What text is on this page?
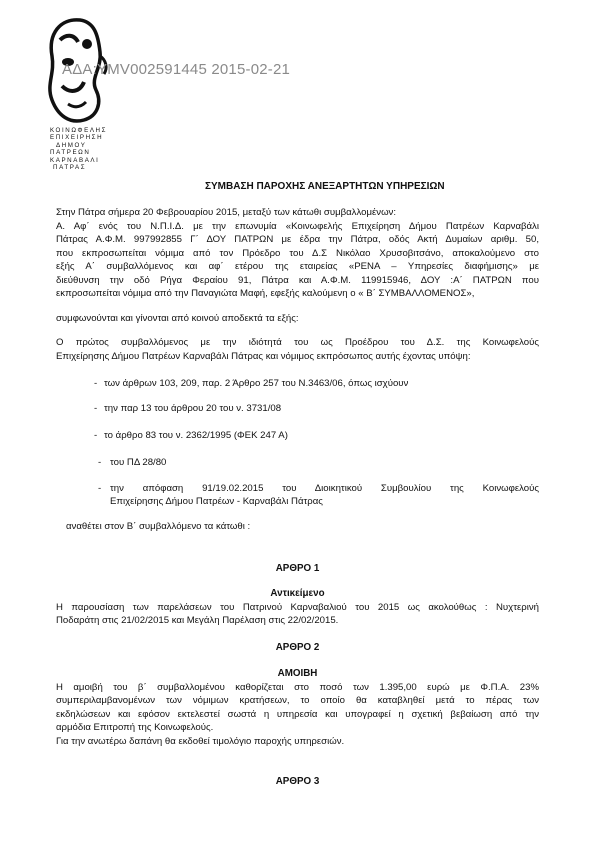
ΑΔΑ:ΥΜV002591445 2015-02-21
ΚΟΙΝΩΦΕΛΗΣ
ΕΠΙΧΕΙΡΗΣΗ
ΔΗΜΟΥ
ΠΑΤΡΕΩΝ
ΚΑΡΝΑΒΑΛΙ
ΠΑΤΡΑΣ
ΣΥΜΒΑΣΗ ΠΑΡΟΧΗΣ ΑΝΕΞΑΡΤΗΤΩΝ ΥΠΗΡΕΣΙΩΝ
Στην Πάτρα σήμερα 20 Φεβρουαρίου 2015, μεταξύ των κάτωθι συμβαλλομένων:
Α. Αφ΄ ενός του Ν.Π.Ι.Δ. με την επωνυμία «Κοινωφελής Επιχείρηση Δήμου Πατρέων Καρναβάλι
Πάτρας Α.Φ.Μ. 997992855 Γ΄ ΔΟΥ ΠΑΤΡΩΝ με έδρα την Πάτρα, οδός Ακτή Δυμαίων αριθμ. 50,
που εκπροσωπείται νόμιμα από τον Πρόεδρο του Δ.Σ Νικόλαο Χρυσοβιτσάνο, αποκαλούμενο στο
εξής Α΄ συμβαλλόμενος και αφ΄ ετέρου της εταιρείας «PENA – Υπηρεσίες διαφήμισης» με
διεύθυνση την οδό Ρήγα Φεραίου 91, Πάτρα και Α.Φ.Μ. 119915946, ΔΟΥ :Α΄ ΠΑΤΡΩΝ που
εκπροσωπείται νόμιμα από την Παναγιώτα Μαφή, εφεξής καλούμενη ο « Β΄ ΣΥΜΒΑΛΛΟΜΕΝΟΣ»,
συμφωνούνται και γίνονται από κοινού αποδεκτά τα εξής:
Ο πρώτος συμβαλλόμενος με την ιδιότητά του ως Προέδρου του Δ.Σ. της Κοινωφελούς
Επιχείρησης Δήμου Πατρέων Καρναβάλι Πάτρας και νόμιμος εκπρόσωπος αυτής έχοντας υπόψη:
- των άρθρων 103, 209, παρ. 2 Άρθρο 257 του Ν.3463/06, όπως ισχύουν
- την παρ 13 του άρθρου 20 του ν. 3731/08
- το άρθρο 83 του ν. 2362/1995 (ΦΕΚ 247 Α)
- του ΠΔ 28/80
- την απόφαση 91/19.02.2015 του Διοικητικού Συμβουλίου της Κοινωφελούς
Επιχείρησης Δήμου Πατρέων - Καρναβάλι Πάτρας
αναθέτει στον Β΄ συμβαλλόμενο τα κάτωθι :
ΑΡΘΡΟ 1
Αντικείμενο
Η παρουσίαση των παρελάσεων του Πατρινού Καρναβαλιού του 2015 ως ακολούθως : Νυχτερινή
Ποδαράτη στις 21/02/2015 και Μεγάλη Παρέλαση στις 22/02/2015.
ΑΡΘΡΟ 2
ΑΜΟΙΒΗ
Η αμοιβή του β΄ συμβαλλομένου καθορίζεται στο ποσό των 1.395,00 ευρώ με Φ.Π.Α. 23%
συμπεριλαμβανομένων των νόμιμων κρατήσεων, το οποίο θα καταβληθεί μετά το πέρας των
εκδηλώσεων και εφόσον εκτελεστεί σωστά η υπηρεσία και υπογραφεί η σχετική βεβαίωση από την
αρμόδια Επιτροπή της Κοινωφελούς.
Για την ανωτέρω δαπάνη θα εκδοθεί τιμολόγιο παροχής υπηρεσιών.
ΑΡΘΡΟ 3
